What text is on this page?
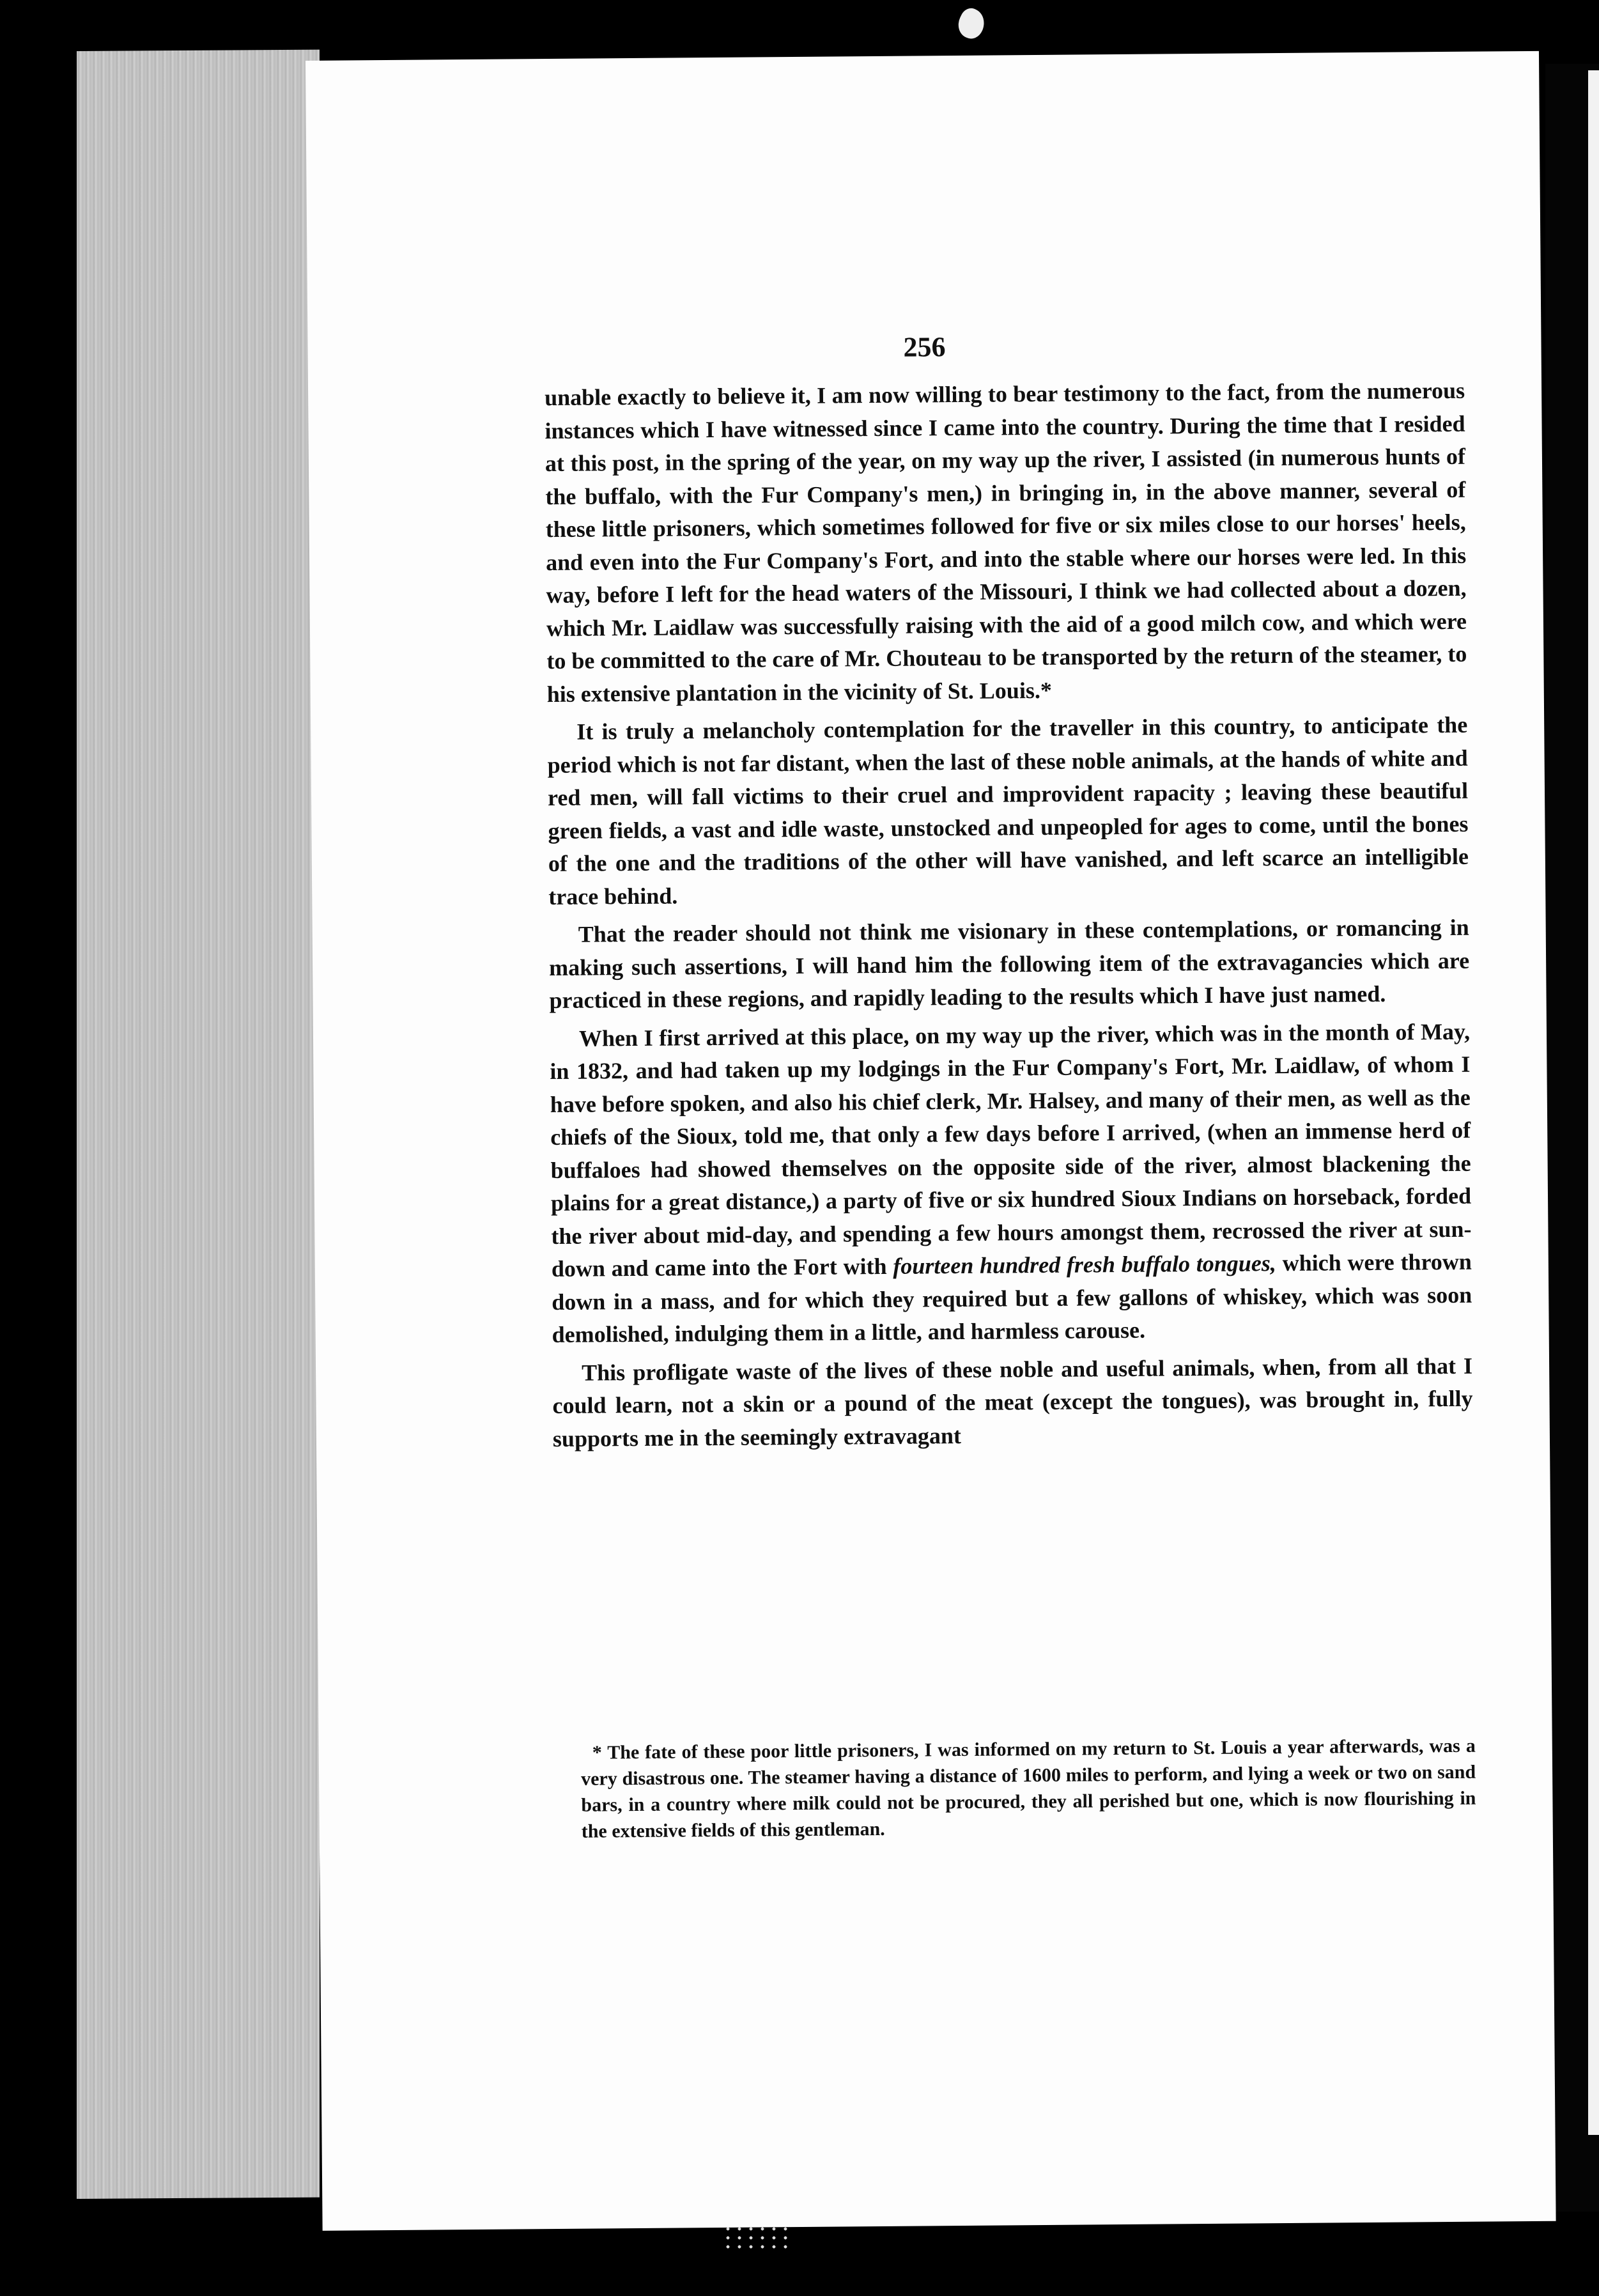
256

unable exactly to believe it, I am now willing to bear testimony to the fact, from the numerous instances which I have witnessed since I came into the country. During the time that I resided at this post, in the spring of the year, on my way up the river, I assisted (in numerous hunts of the buffalo, with the Fur Company's men,) in bringing in, in the above manner, several of these little prisoners, which sometimes followed for five or six miles close to our horses' heels, and even into the Fur Company's Fort, and into the stable where our horses were led. In this way, before I left for the head waters of the Missouri, I think we had collected about a dozen, which Mr. Laidlaw was successfully raising with the aid of a good milch cow, and which were to be committed to the care of Mr. Chouteau to be transported by the return of the steamer, to his extensive plantation in the vicinity of St. Louis.*

It is truly a melancholy contemplation for the traveller in this country, to anticipate the period which is not far distant, when the last of these noble animals, at the hands of white and red men, will fall victims to their cruel and improvident rapacity ; leaving these beautiful green fields, a vast and idle waste, unstocked and unpeopled for ages to come, until the bones of the one and the traditions of the other will have vanished, and left scarce an intelligible trace behind.

That the reader should not think me visionary in these contemplations, or romancing in making such assertions, I will hand him the following item of the extravagancies which are practiced in these regions, and rapidly leading to the results which I have just named.

When I first arrived at this place, on my way up the river, which was in the month of May, in 1832, and had taken up my lodgings in the Fur Company's Fort, Mr. Laidlaw, of whom I have before spoken, and also his chief clerk, Mr. Halsey, and many of their men, as well as the chiefs of the Sioux, told me, that only a few days before I arrived, (when an immense herd of buffaloes had showed themselves on the opposite side of the river, almost blackening the plains for a great distance,) a party of five or six hundred Sioux Indians on horseback, forded the river about mid-day, and spending a few hours amongst them, recrossed the river at sun-down and came into the Fort with fourteen hundred fresh buffalo tongues, which were thrown down in a mass, and for which they required but a few gallons of whiskey, which was soon demolished, indulging them in a little, and harmless carouse.

This profligate waste of the lives of these noble and useful animals, when, from all that I could learn, not a skin or a pound of the meat (except the tongues), was brought in, fully supports me in the seemingly extravagant

* The fate of these poor little prisoners, I was informed on my return to St. Louis a year afterwards, was a very disastrous one. The steamer having a distance of 1600 miles to perform, and lying a week or two on sand bars, in a country where milk could not be procured, they all perished but one, which is now flourishing in the extensive fields of this gentleman.
